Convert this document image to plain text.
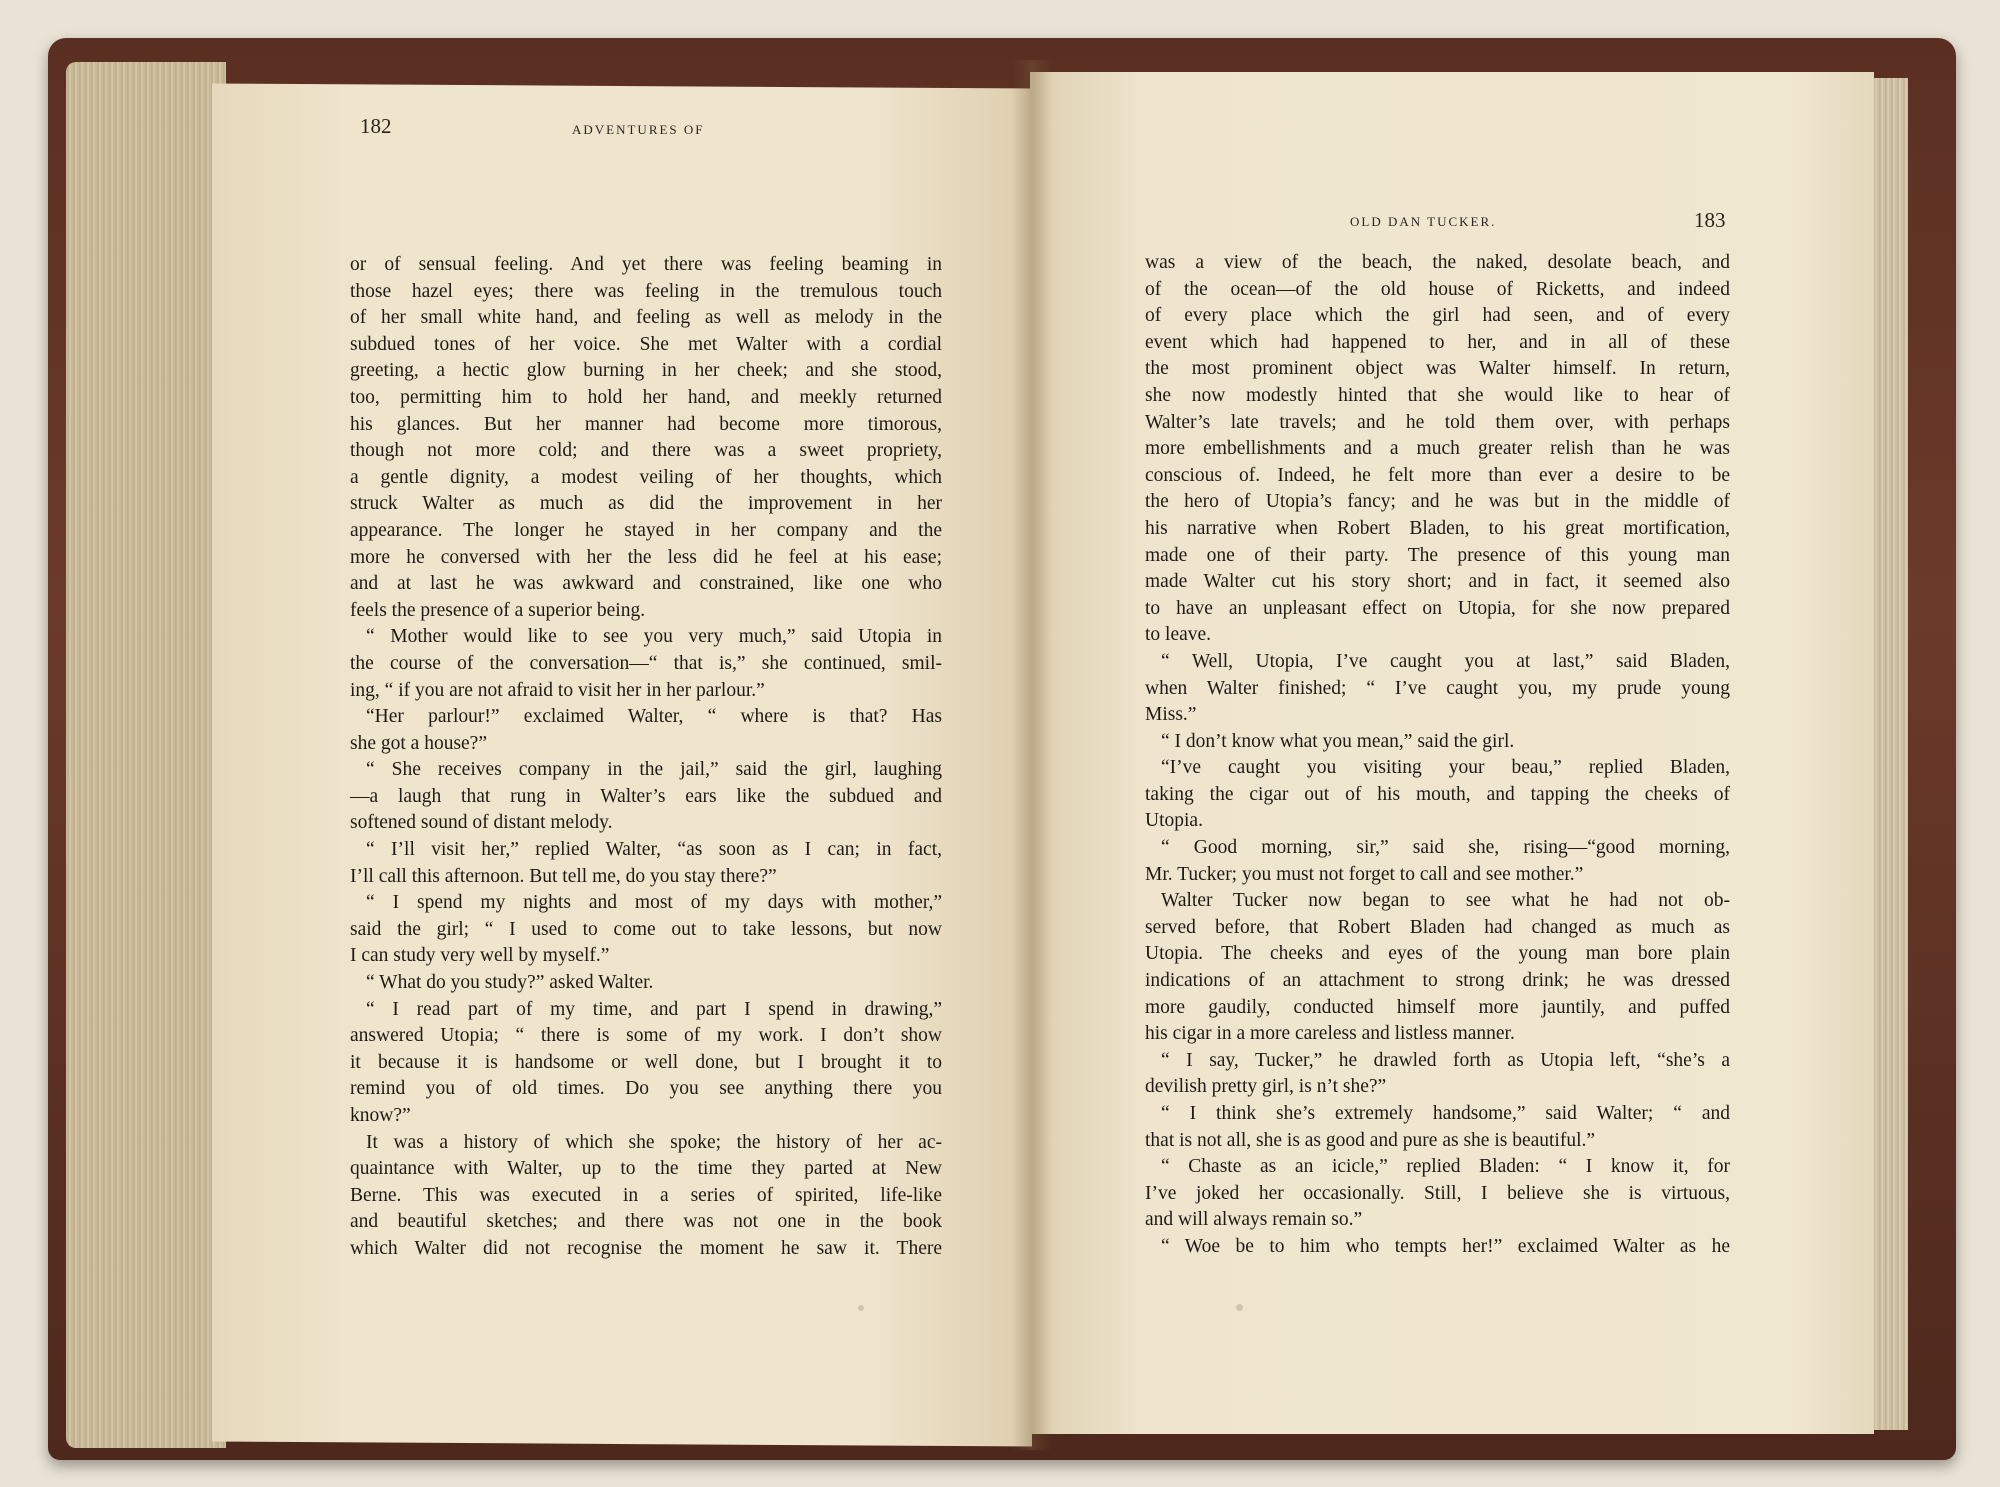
182	ADVENTURES OF
183
OLD DAN TUCKER.

or of sensual feeling. And yet there was feeling beaming in

those hazel eyes; there was feeling in the tremulous touch

of her small white hand, and feeling as well as melody in the

subdued tones of her voice. She met Walter with a cordial

greeting, a hectic glow burning in her cheek; and she stood,

too, permitting him to hold her hand, and meekly returned

his glances. But her manner had become more timorous,

though not more cold; and there was a sweet propriety,

a gentle dignity, a modest veiling of her thoughts, which

struck Walter as much as did the improvement in her

appearance. The longer he stayed in her company and the

more he conversed with her the less did he feel at his ease;

and at last he was awkward and constrained, like one who

feels the presence of a superior being.

“ Mother would like to see you very much,” said Utopia in

the course of the conversation—“ that is,” she continued, smil-

ing, “ if you are not afraid to visit her in her parlour.”

“Her parlour!” exclaimed Walter, “ where is that? Has

she got a house?”

“ She receives company in the jail,” said the girl, laughing

—a laugh that rung in Walter’s ears like the subdued and

softened sound of distant melody.

“ I’ll visit her,” replied Walter, “as soon as I can; in fact,

I’ll call this afternoon. But tell me, do you stay there?”

“ I spend my nights and most of my days with mother,”

said the girl; “ I used to come out to take lessons, but now

I can study very well by myself.”

“ What do you study?” asked Walter.

“ I read part of my time, and part I spend in drawing,”

answered Utopia; “ there is some of my work. I don’t show

it because it is handsome or well done, but I brought it to

remind you of old times. Do you see anything there you

know?”

It was a history of which she spoke; the history of her ac-

quaintance with Walter, up to the time they parted at New

Berne. This was executed in a series of spirited, life-like

and beautiful sketches; and there was not one in the book

which Walter did not recognise the moment he saw it. There

was a view of the beach, the naked, desolate beach, and

of the ocean—of the old house of Ricketts, and indeed

of every place which the girl had seen, and of every

event which had happened to her, and in all of these

the most prominent object was Walter himself. In return,

she now modestly hinted that she would like to hear of

Walter’s late travels; and he told them over, with perhaps

more embellishments and a much greater relish than he was

conscious of. Indeed, he felt more than ever a desire to be

the hero of Utopia’s fancy; and he was but in the middle of

his narrative when Robert Bladen, to his great mortification,

made one of their party. The presence of this young man

made Walter cut his story short; and in fact, it seemed also

to have an unpleasant effect on Utopia, for she now prepared

to leave.

“ Well, Utopia, I’ve caught you at last,” said Bladen,

when Walter finished; “ I’ve caught you, my prude young

Miss.”

“ I don’t know what you mean,” said the girl.

“I’ve caught you visiting your beau,” replied Bladen,

taking the cigar out of his mouth, and tapping the cheeks of

Utopia.

“ Good morning, sir,” said she, rising—“good morning,

Mr. Tucker; you must not forget to call and see mother.”

Walter Tucker now began to see what he had not ob-

served before, that Robert Bladen had changed as much as

Utopia. The cheeks and eyes of the young man bore plain

indications of an attachment to strong drink; he was dressed

more gaudily, conducted himself more jauntily, and puffed

his cigar in a more careless and listless manner.

“ I say, Tucker,” he drawled forth as Utopia left, “she’s a

devilish pretty girl, is n’t she?”

“ I think she’s extremely handsome,” said Walter; “ and

that is not all, she is as good and pure as she is beautiful.”

“ Chaste as an icicle,” replied Bladen: “ I know it, for

I’ve joked her occasionally. Still, I believe she is virtuous,

and will always remain so.”

“ Woe be to him who tempts her!” exclaimed Walter as he
